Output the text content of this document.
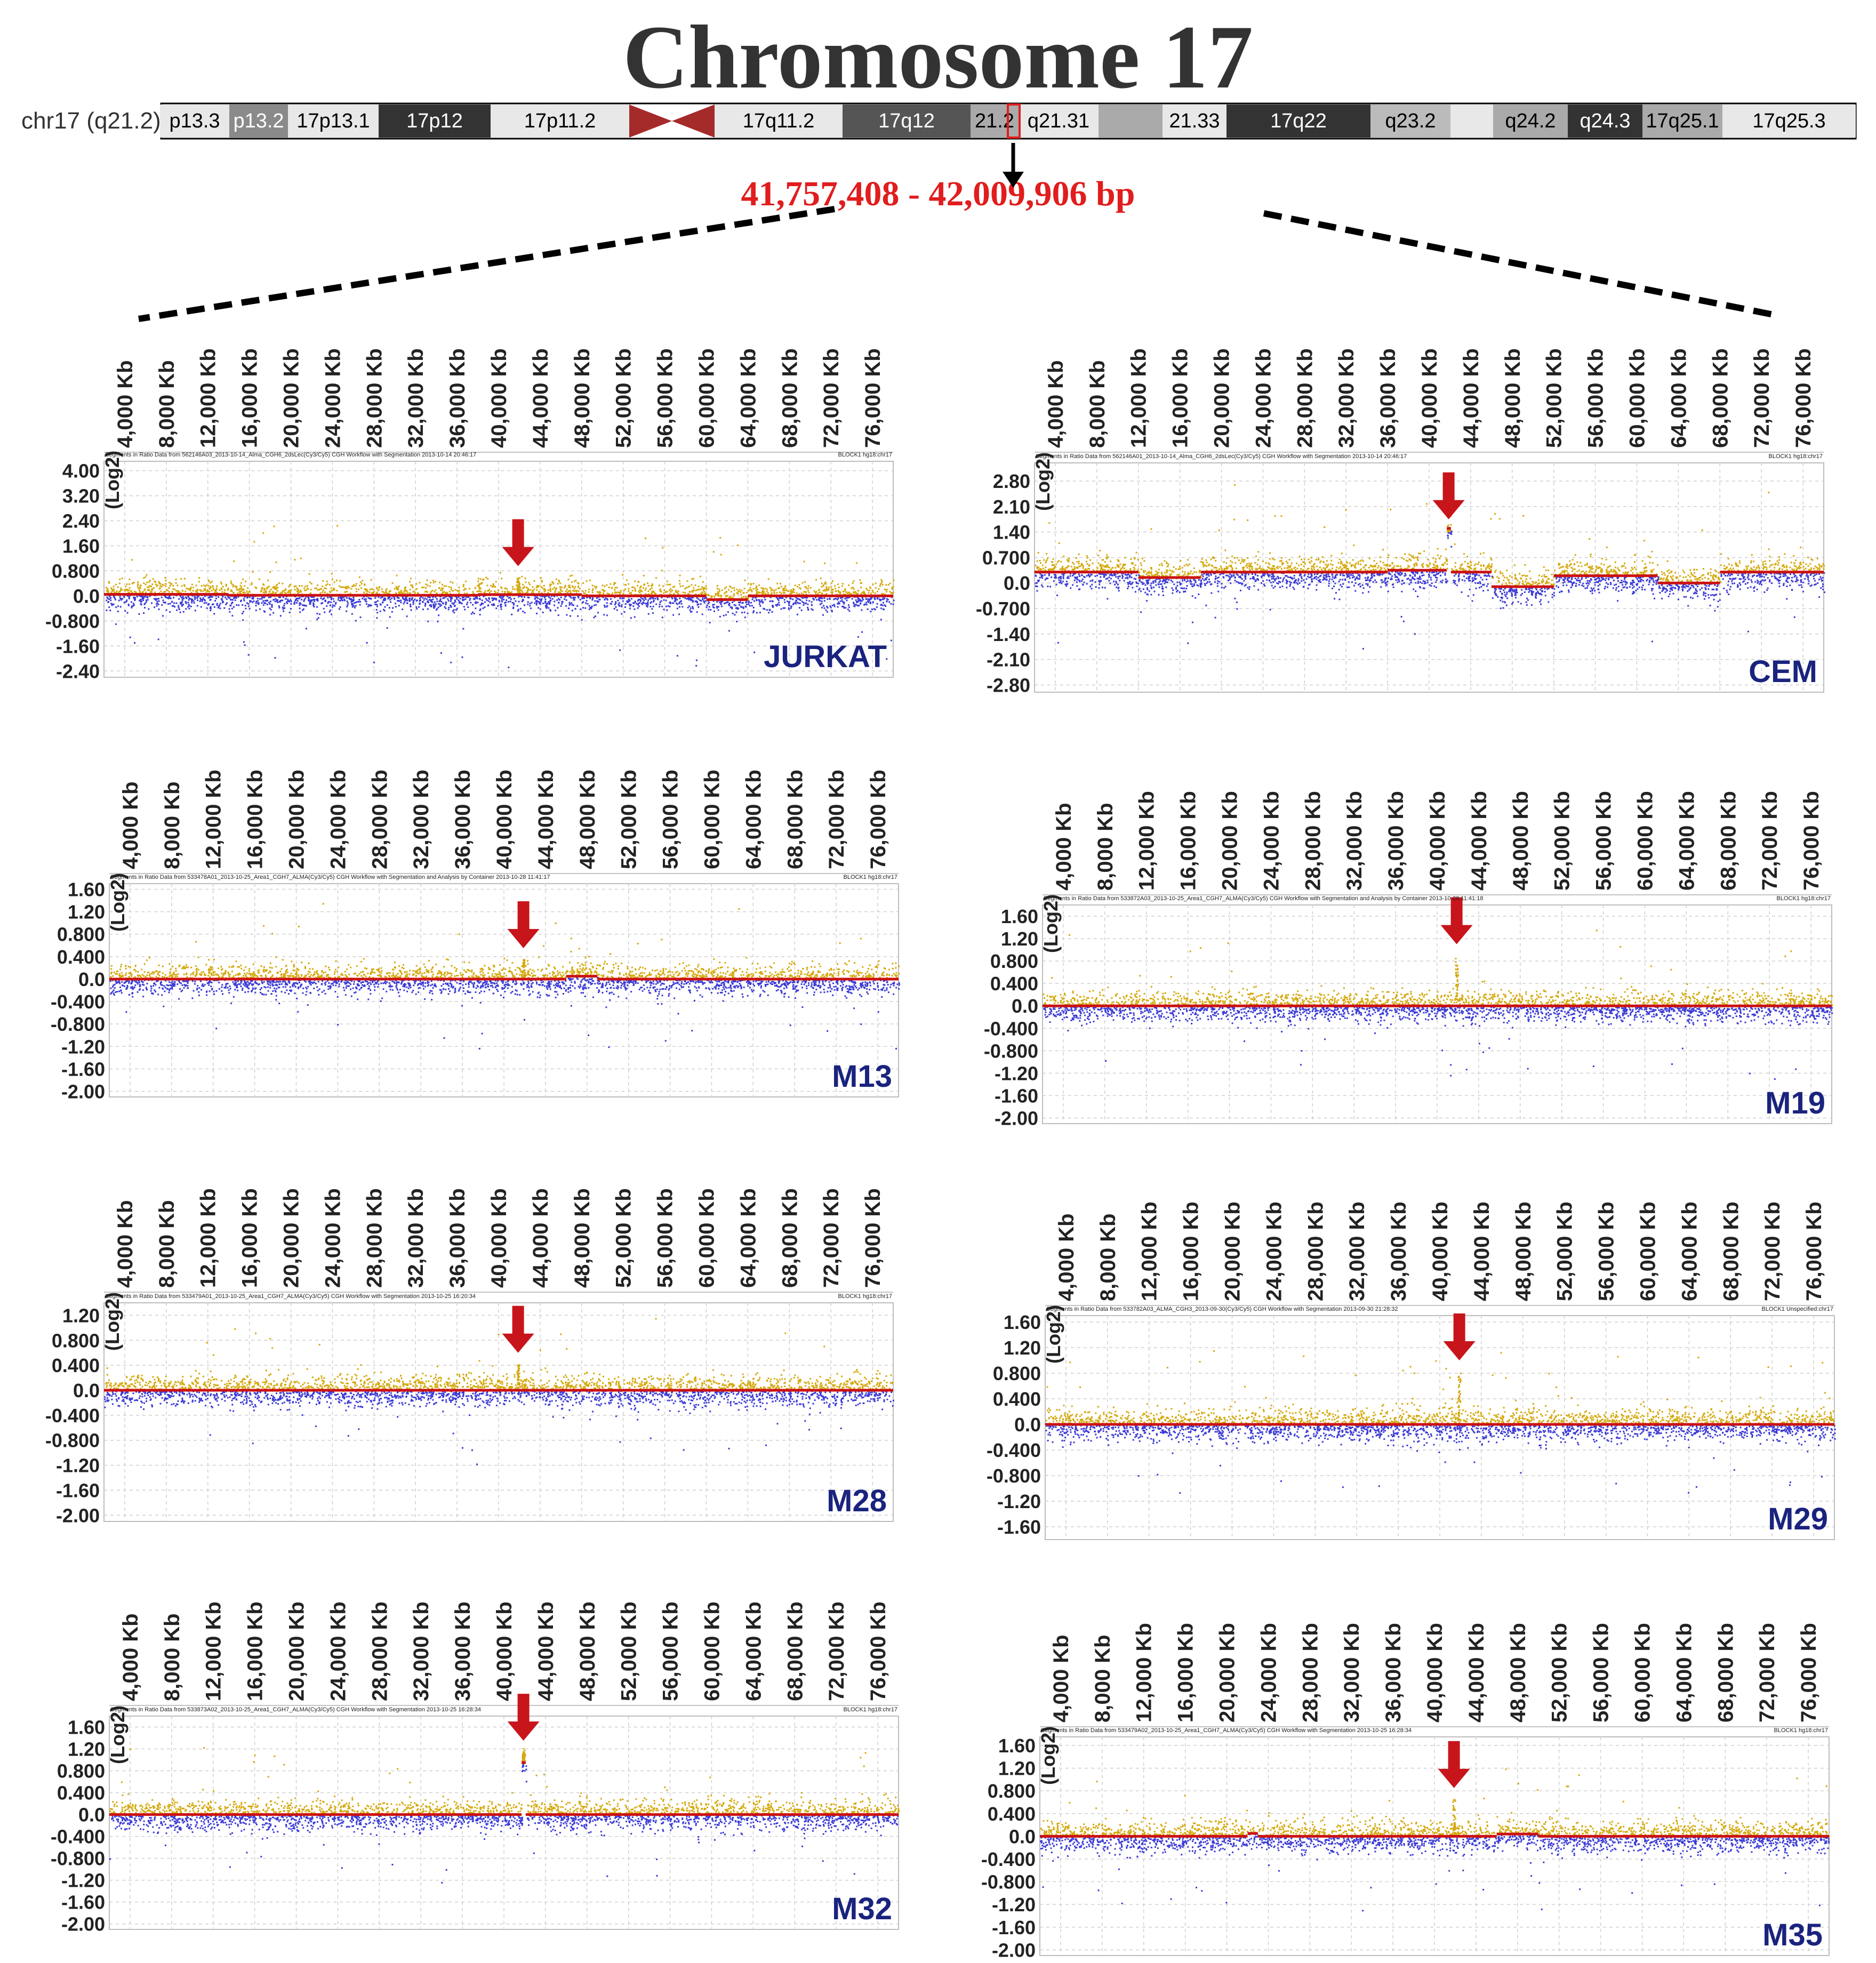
Chromosome 17
chr17 (q21.2) p13.3 p13.2 17p13.1 17p12	17p11.2	17q11.2	17q12 21.2 q21.31	21.33 17q22	q23.2	q24.2 q24.3 17q25.1 17q25.3
41,757,408 - 42,009,906 bp
4,000 Kb 8,000 Kb 12,000 Kb 16,000 Kb 20,000 Kb 24,000 Kb 28,000 Kb 32,000 Kb 36,000 Kb 40,000 Kb 44,000 Kb 48,000 Kb 52,000 Kb 56,000 Kb 60,000 Kb 64,000 Kb 68,000 Kb 72,000 Kb 76,000 Kb
4.00
3.20
2.40
1.60
0.800
0.0
-0.800
-1.60
-2.40
(Log2)
Segments in Ratio Data from 562146A03_2013-10-14_Alma_CGH6_2dsLec(Cy3/Cy5) CGH Workflow with Segmentation 2013-10-14 20:46:17	BLOCK1 hg18:chr17
JURKAT
4,000 Kb 8,000 Kb 12,000 Kb 16,000 Kb 20,000 Kb 24,000 Kb 28,000 Kb 32,000 Kb 36,000 Kb 40,000 Kb 44,000 Kb 48,000 Kb 52,000 Kb 56,000 Kb 60,000 Kb 64,000 Kb 68,000 Kb 72,000 Kb 76,000 Kb
2.80
2.10
1.40
0.700
0.0
-0.700
-1.40
-2.10
-2.80
(Log2)
Segments in Ratio Data from 562146A01_2013-10-14_Alma_CGH6_2dsLec(Cy3/Cy5) CGH Workflow with Segmentation 2013-10-14 20:46:17	BLOCK1 hg18:chr17
CEM
4,000 Kb 8,000 Kb 12,000 Kb 16,000 Kb 20,000 Kb 24,000 Kb 28,000 Kb 32,000 Kb 36,000 Kb 40,000 Kb 44,000 Kb 48,000 Kb 52,000 Kb 56,000 Kb 60,000 Kb 64,000 Kb 68,000 Kb 72,000 Kb 76,000 Kb
1.60
1.20
0.800
0.400
0.0
-0.400
-0.800
-1.20
-1.60
-2.00
(Log2)
Segments in Ratio Data from 533478A01_2013-10-25_Area1_CGH7_ALMA(Cy3/Cy5) CGH Workflow with Segmentation and Analysis by Container 2013-10-28 11:41:17	BLOCK1 hg18:chr17
M13
4,000 Kb 8,000 Kb 12,000 Kb 16,000 Kb 20,000 Kb 24,000 Kb 28,000 Kb 32,000 Kb 36,000 Kb 40,000 Kb 44,000 Kb 48,000 Kb 52,000 Kb 56,000 Kb 60,000 Kb 64,000 Kb 68,000 Kb 72,000 Kb 76,000 Kb
1.60
1.20
0.800
0.400
0.0
-0.400
-0.800
-1.20
-1.60
-2.00
(Log2)
Segments in Ratio Data from 533872A03_2013-10-25_Area1_CGH7_ALMA(Cy3/Cy5) CGH Workflow with Segmentation and Analysis by Container 2013-10-28 11:41:18	BLOCK1 hg18:chr17
M19
4,000 Kb 8,000 Kb 12,000 Kb 16,000 Kb 20,000 Kb 24,000 Kb 28,000 Kb 32,000 Kb 36,000 Kb 40,000 Kb 44,000 Kb 48,000 Kb 52,000 Kb 56,000 Kb 60,000 Kb 64,000 Kb 68,000 Kb 72,000 Kb 76,000 Kb
1.20
0.800
0.400
0.0
-0.400
-0.800
-1.20
-1.60
-2.00
(Log2)
Segments in Ratio Data from 533479A01_2013-10-25_Area1_CGH7_ALMA(Cy3/Cy5) CGH Workflow with Segmentation 2013-10-25 16:20:34	BLOCK1 hg18:chr17
M28
4,000 Kb 8,000 Kb 12,000 Kb 16,000 Kb 20,000 Kb 24,000 Kb 28,000 Kb 32,000 Kb 36,000 Kb 40,000 Kb 44,000 Kb 48,000 Kb 52,000 Kb 56,000 Kb 60,000 Kb 64,000 Kb 68,000 Kb 72,000 Kb 76,000 Kb
1.60
1.20
0.800
0.400
0.0
-0.400
-0.800
-1.20
-1.60
(Log2)
Segments in Ratio Data from 533782A03_ALMA_CGH3_2013-09-30(Cy3/Cy5) CGH Workflow with Segmentation 2013-09-30 21:28:32	BLOCK1 Unspecified:chr17
M29
4,000 Kb 8,000 Kb 12,000 Kb 16,000 Kb 20,000 Kb 24,000 Kb 28,000 Kb 32,000 Kb 36,000 Kb 40,000 Kb 44,000 Kb 48,000 Kb 52,000 Kb 56,000 Kb 60,000 Kb 64,000 Kb 68,000 Kb 72,000 Kb 76,000 Kb
1.60
1.20
0.800
0.400
0.0
-0.400
-0.800
-1.20
-1.60
-2.00
(Log2)
Segments in Ratio Data from 533873A02_2013-10-25_Area1_CGH7_ALMA(Cy3/Cy5) CGH Workflow with Segmentation 2013-10-25 16:28:34	BLOCK1 hg18:chr17
M32
4,000 Kb 8,000 Kb 12,000 Kb 16,000 Kb 20,000 Kb 24,000 Kb 28,000 Kb 32,000 Kb 36,000 Kb 40,000 Kb 44,000 Kb 48,000 Kb 52,000 Kb 56,000 Kb 60,000 Kb 64,000 Kb 68,000 Kb 72,000 Kb 76,000 Kb
1.60
1.20
0.800
0.400
0.0
-0.400
-0.800
-1.20
-1.60
-2.00
(Log2)
Segments in Ratio Data from 533479A02_2013-10-25_Area1_CGH7_ALMA(Cy3/Cy5) CGH Workflow with Segmentation 2013-10-25 16:28:34	BLOCK1 hg18:chr17
M35
